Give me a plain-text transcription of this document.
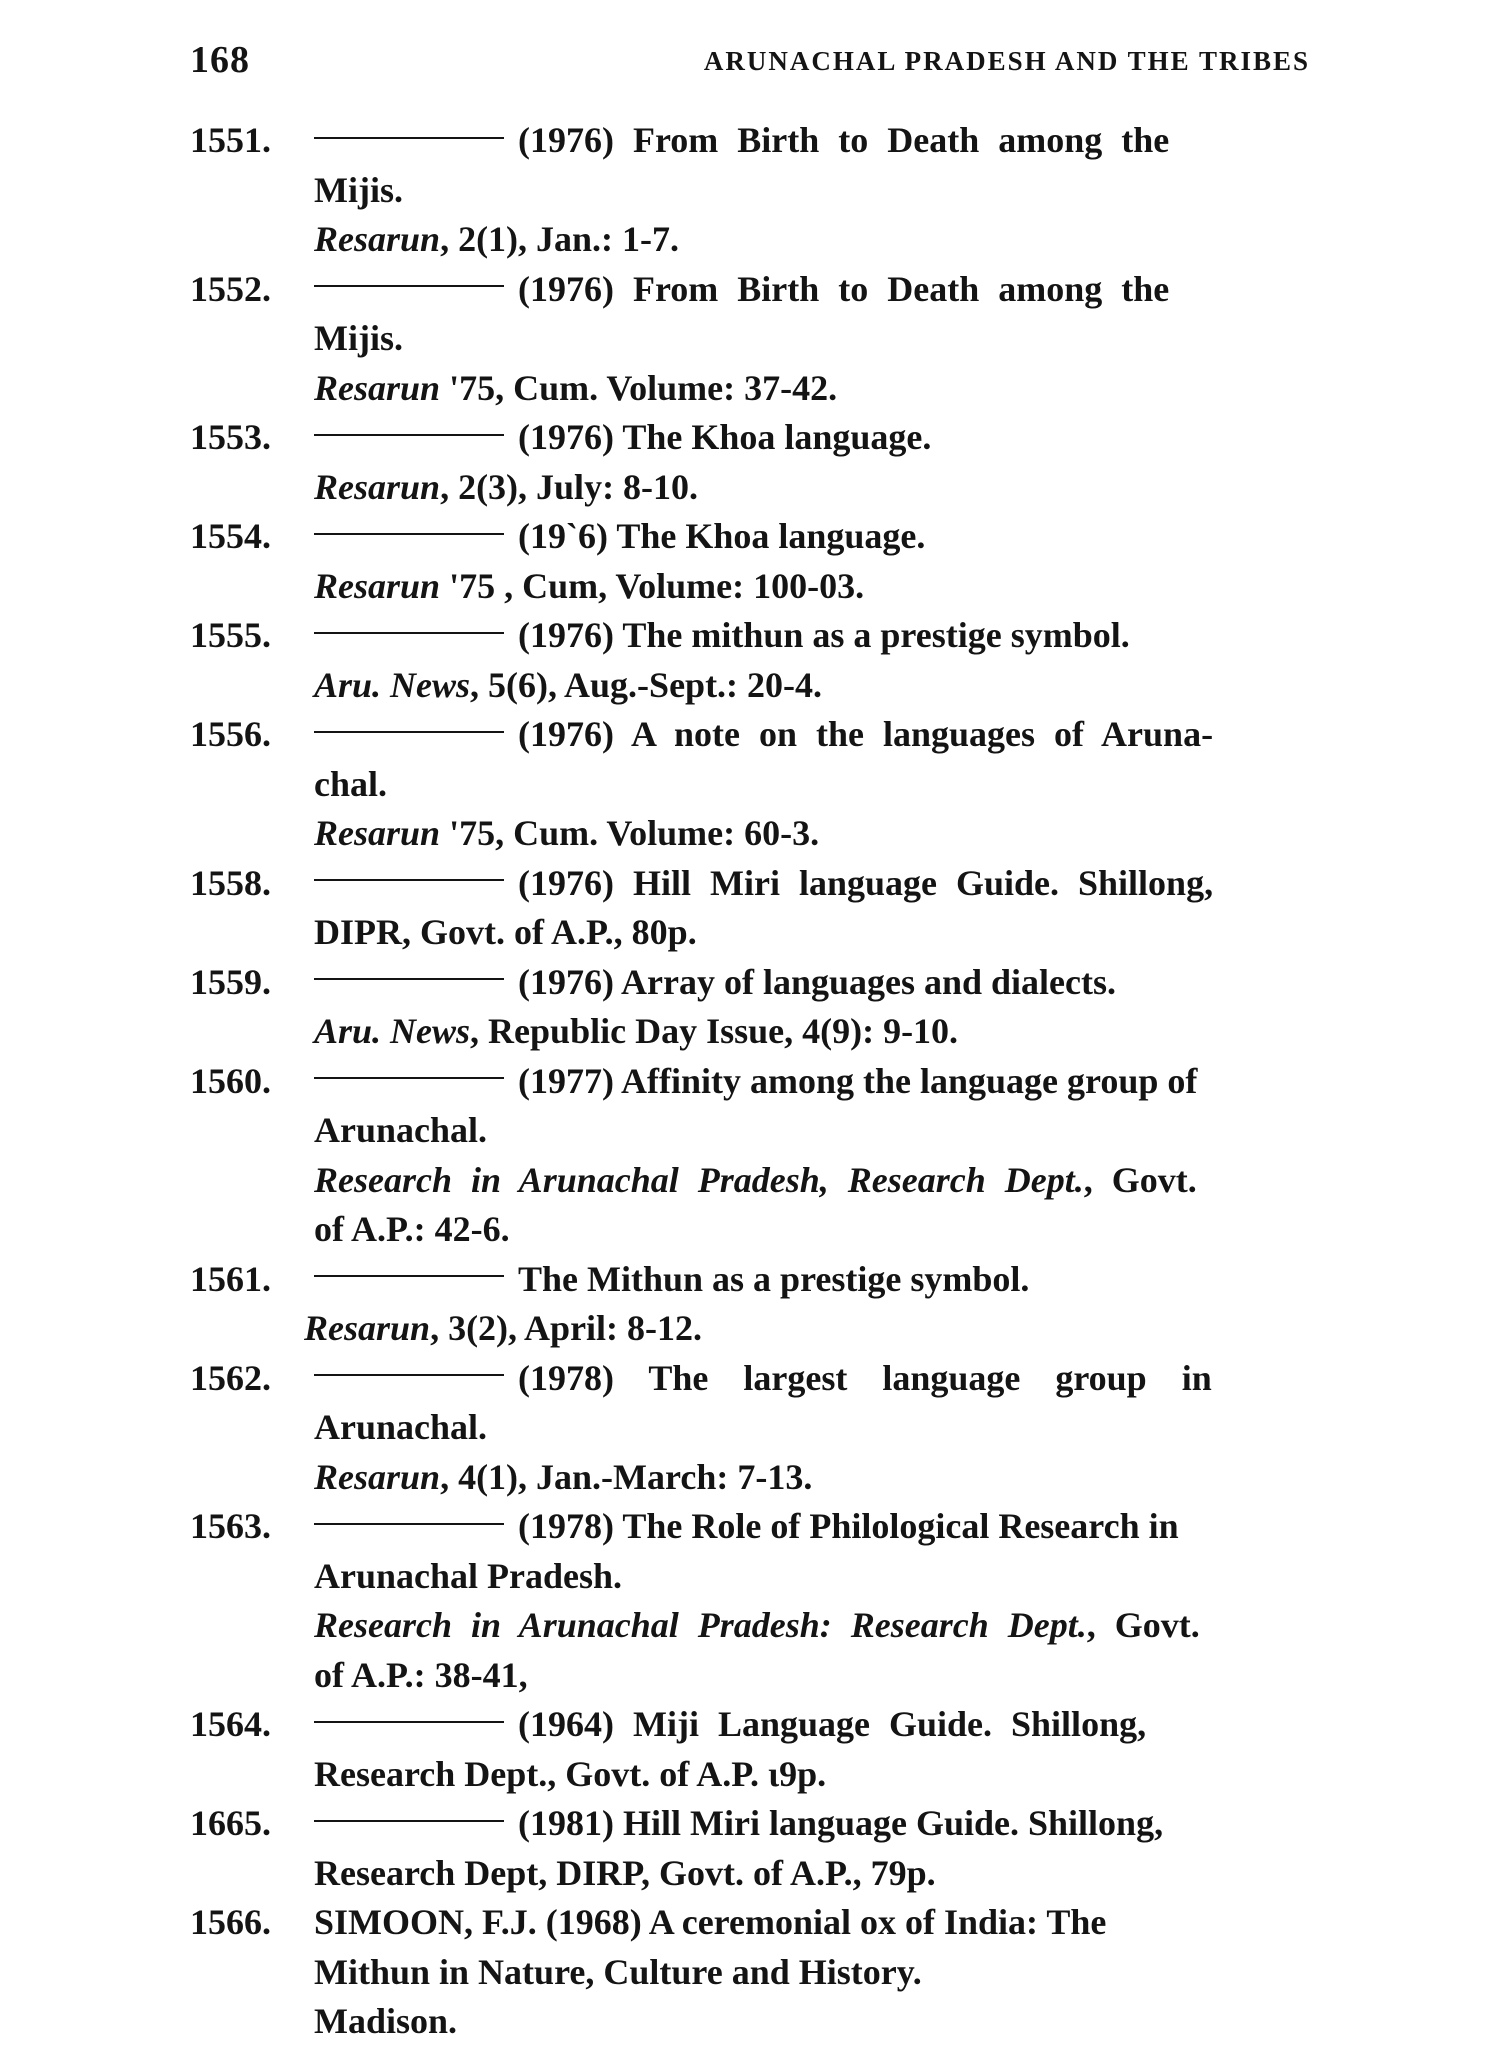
168	ARUNACHAL PRADESH AND THE TRIBES
1551.	(1976) From Birth to Death among the
Mijis.
Resarun, 2(1), Jan.: 1-7.
1552.	(1976) From Birth to Death among the
Mijis.
Resarun '75, Cum. Volume: 37-42.
1553.	(1976) The Khoa language.
Resarun, 2(3), July: 8-10.
1554.	(19`6) The Khoa language.
Resarun '75 , Cum, Volume: 100-03.
1555.	(1976) The mithun as a prestige symbol.
Aru. News, 5(6), Aug.-Sept.: 20-4.
1556.	(1976) A note on the languages of Aruna-
chal.
Resarun '75, Cum. Volume: 60-3.
1558.	(1976) Hill Miri language Guide. Shillong,
DIPR, Govt. of A.P., 80p.
1559.	(1976) Array of languages and dialects.
Aru. News, Republic Day Issue, 4(9): 9-10.
1560.	(1977) Affinity among the language group of
Arunachal.
Research in Arunachal Pradesh, Research Dept., Govt.
of A.P.: 42-6.
1561.	The Mithun as a prestige symbol.
Resarun, 3(2), April: 8-12.
1562.	(1978) The largest language group in
Arunachal.
Resarun, 4(1), Jan.-March: 7-13.
1563.	(1978) The Role of Philological Research in
Arunachal Pradesh.
Research in Arunachal Pradesh: Research Dept., Govt.
of A.P.: 38-41,
1564.	(1964) Miji Language Guide. Shillong,
Research Dept., Govt. of A.P. ι9p.
1665.	(1981) Hill Miri language Guide. Shillong,
Research Dept, DIRP, Govt. of A.P., 79p.
1566.	SIMOON, F.J. (1968) A ceremonial ox of India: The
Mithun in Nature, Culture and History.
Madison.
